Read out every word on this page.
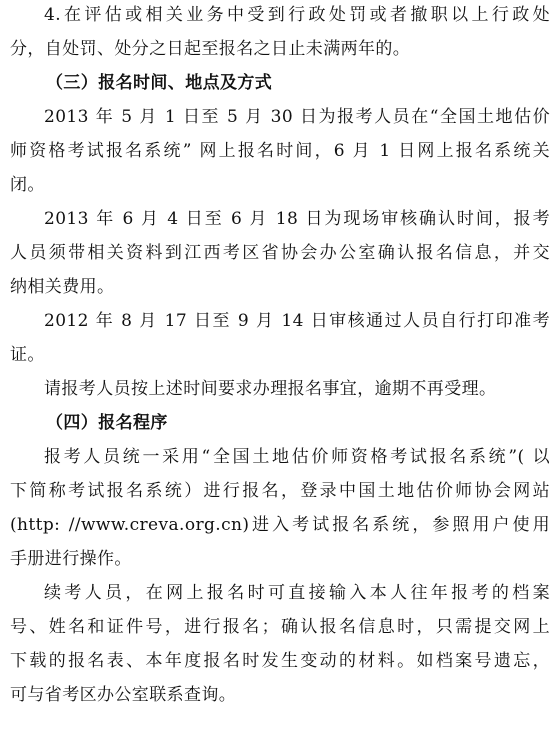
4.在评估或相关业务中受到行政处罚或者撤职以上行政处
分，自处罚、处分之日起至报名之日止未满两年的。
（三）报名时间、地点及方式
2013 年 5 月 1 日至 5 月 30 日为报考人员在“全国土地估价
师资格考试报名系统” 网上报名时间，6 月 1 日网上报名系统关
闭。
2013 年 6 月 4 日至 6 月 18 日为现场审核确认时间，报考
人员须带相关资料到江西考区省协会办公室确认报名信息，并交
纳相关费用。
2012 年 8 月 17 日至 9 月 14 日审核通过人员自行打印准考
证。
请报考人员按上述时间要求办理报名事宜，逾期不再受理。
（四）报名程序
报考人员统一采用“全国土地估价师资格考试报名系统”( 以
下简称考试报名系统）进行报名，登录中国土地估价师协会网站
(http: //www.creva.org.cn)进入考试报名系统，参照用户使用
手册进行操作。
续考人员，在网上报名时可直接输入本人往年报考的档案
号、姓名和证件号，进行报名；确认报名信息时，只需提交网上
下载的报名表、本年度报名时发生变动的材料。如档案号遗忘，
可与省考区办公室联系查询。
